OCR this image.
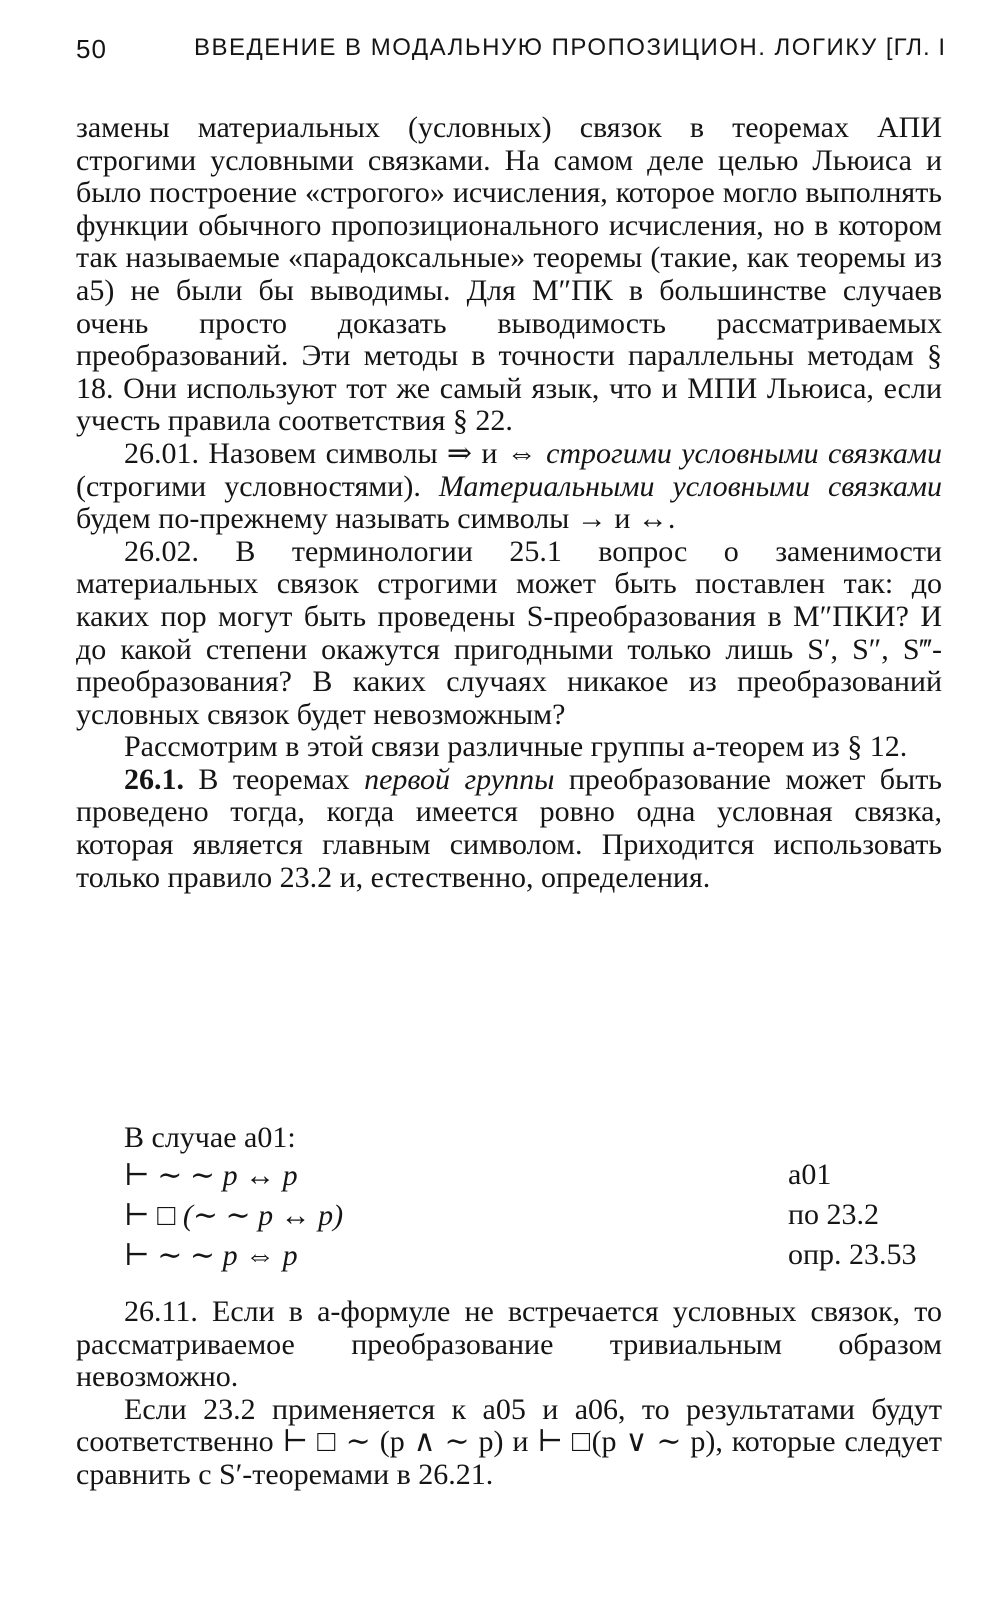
50	ВВЕДЕНИЕ В МОДАЛЬНУЮ ПРОПОЗИЦИОН. ЛОГИКУ [ГЛ. I

замены материальных (условных) связок в теоремах АПИ строгими условными связками. На самом деле целью Льюиса и было построение «строгого» исчисления, которое могло выполнять функции обычного пропозиционального исчисления, но в котором так называемые «парадоксальные» теоремы (такие, как теоремы из a5) не были бы выводимы. Для M″ПК в большинстве случаев очень просто доказать выводимость рассматриваемых преобразований. Эти методы в точности параллельны методам § 18. Они используют тот же самый язык, что и МПИ Льюиса, если учесть правила соответствия § 22.

26.01. Назовем символы ⇒ и ⇔ строгими условными связками (строгими условностями). Материальными условными связками будем по-прежнему называть символы → и ↔.

26.02. В терминологии 25.1 вопрос о заменимости материальных связок строгими может быть поставлен так: до каких пор могут быть проведены S-преобразования в M″ПКИ? И до какой степени окажутся пригодными только лишь S′, S″, S‴-преобразования? В каких случаях никакое из преобразований условных связок будет невозможным?

Рассмотрим в этой связи различные группы a-теорем из § 12.

26.1. В теоремах первой группы преобразование может быть проведено тогда, когда имеется ровно одна условная связка, которая является главным символом. Приходится использовать только правило 23.2 и, естественно, определения.

В случае a01:
⊢ ∼ ∼ p ↔ p	a01
⊢ □ (∼ ∼ p ↔ p)	по 23.2
⊢ ∼ ∼ p ⇔ p	опр. 23.53

26.11. Если в a-формуле не встречается условных связок, то рассматриваемое преобразование тривиальным образом невозможно.

Если 23.2 применяется к a05 и a06, то результатами будут соответственно ⊢ □ ∼ (p ∧ ∼ p) и ⊢ □(p ∨ ∼ p), которые следует сравнить с S′-теоремами в 26.21.
